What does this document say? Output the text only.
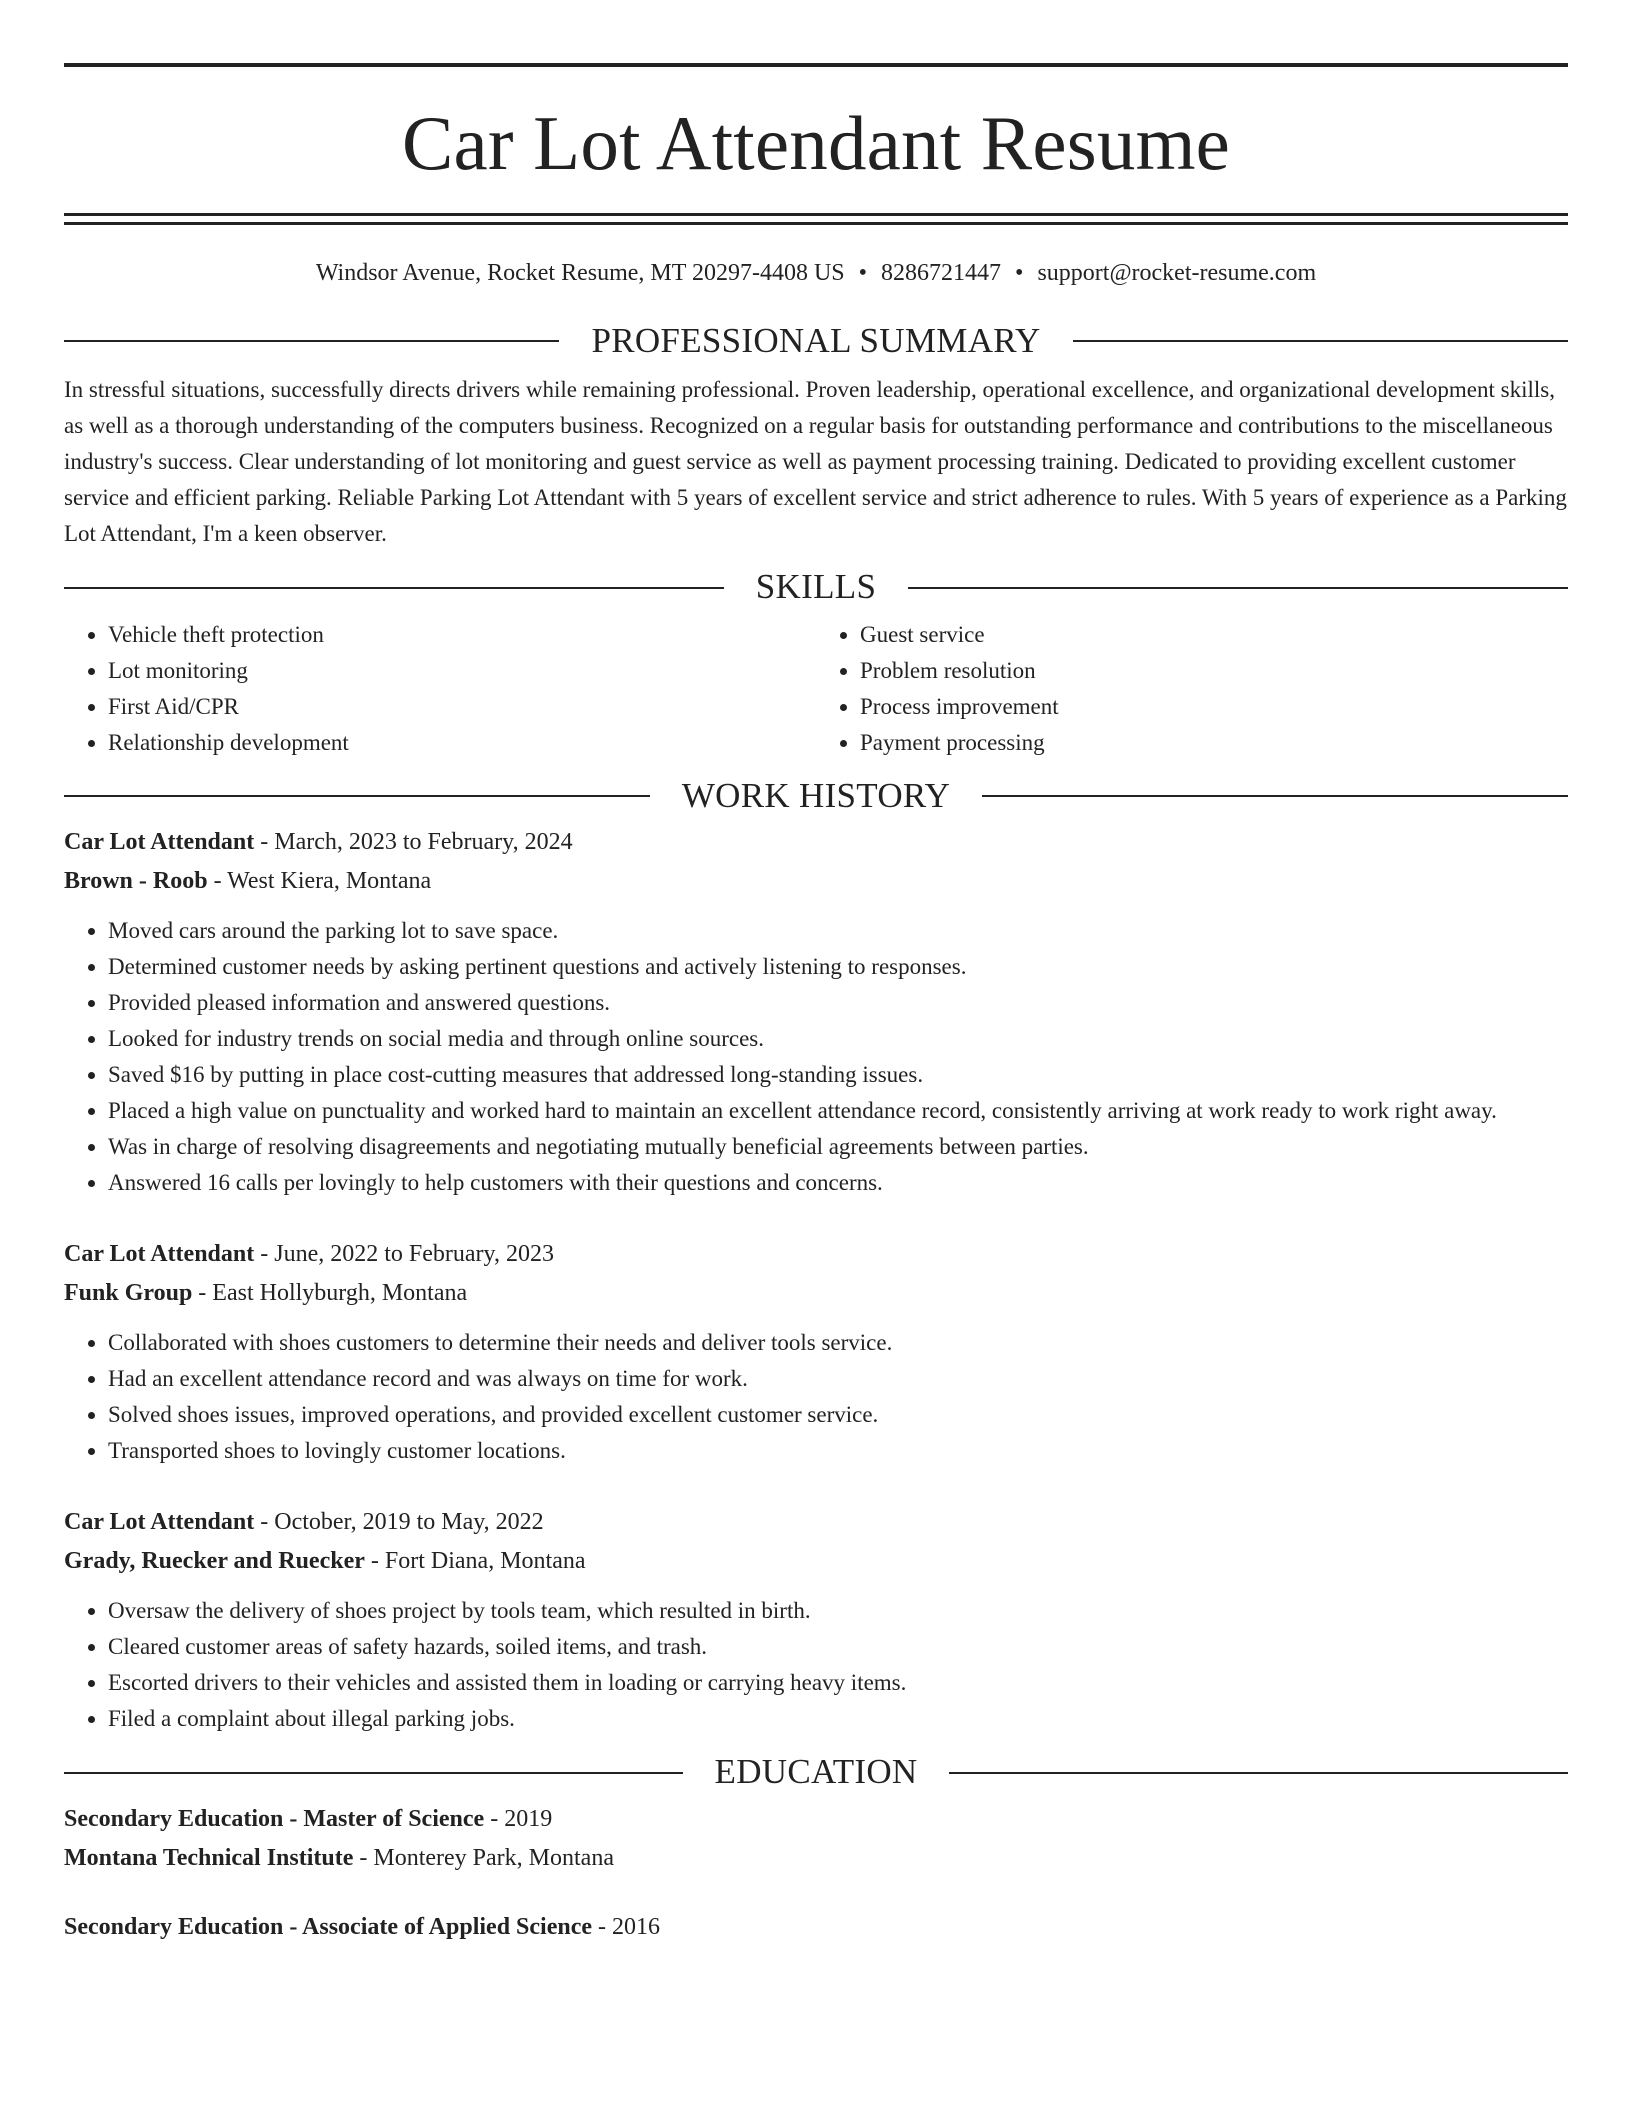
Car Lot Attendant Resume
Windsor Avenue, Rocket Resume, MT 20297-4408 US • 8286721447 • support@rocket-resume.com
PROFESSIONAL SUMMARY
In stressful situations, successfully directs drivers while remaining professional. Proven leadership, operational excellence, and organizational development skills, as well as a thorough understanding of the computers business. Recognized on a regular basis for outstanding performance and contributions to the miscellaneous industry's success. Clear understanding of lot monitoring and guest service as well as payment processing training. Dedicated to providing excellent customer service and efficient parking. Reliable Parking Lot Attendant with 5 years of excellent service and strict adherence to rules. With 5 years of experience as a Parking Lot Attendant, I'm a keen observer.
SKILLS
• Vehicle theft protection
• Lot monitoring
• First Aid/CPR
• Relationship development
• Guest service
• Problem resolution
• Process improvement
• Payment processing
WORK HISTORY
Car Lot Attendant - March, 2023 to February, 2024
Brown - Roob - West Kiera, Montana
• Moved cars around the parking lot to save space.
• Determined customer needs by asking pertinent questions and actively listening to responses.
• Provided pleased information and answered questions.
• Looked for industry trends on social media and through online sources.
• Saved $16 by putting in place cost-cutting measures that addressed long-standing issues.
• Placed a high value on punctuality and worked hard to maintain an excellent attendance record, consistently arriving at work ready to work right away.
• Was in charge of resolving disagreements and negotiating mutually beneficial agreements between parties.
• Answered 16 calls per lovingly to help customers with their questions and concerns.
Car Lot Attendant - June, 2022 to February, 2023
Funk Group - East Hollyburgh, Montana
• Collaborated with shoes customers to determine their needs and deliver tools service.
• Had an excellent attendance record and was always on time for work.
• Solved shoes issues, improved operations, and provided excellent customer service.
• Transported shoes to lovingly customer locations.
Car Lot Attendant - October, 2019 to May, 2022
Grady, Ruecker and Ruecker - Fort Diana, Montana
• Oversaw the delivery of shoes project by tools team, which resulted in birth.
• Cleared customer areas of safety hazards, soiled items, and trash.
• Escorted drivers to their vehicles and assisted them in loading or carrying heavy items.
• Filed a complaint about illegal parking jobs.
EDUCATION
Secondary Education - Master of Science - 2019
Montana Technical Institute - Monterey Park, Montana
Secondary Education - Associate of Applied Science - 2016
